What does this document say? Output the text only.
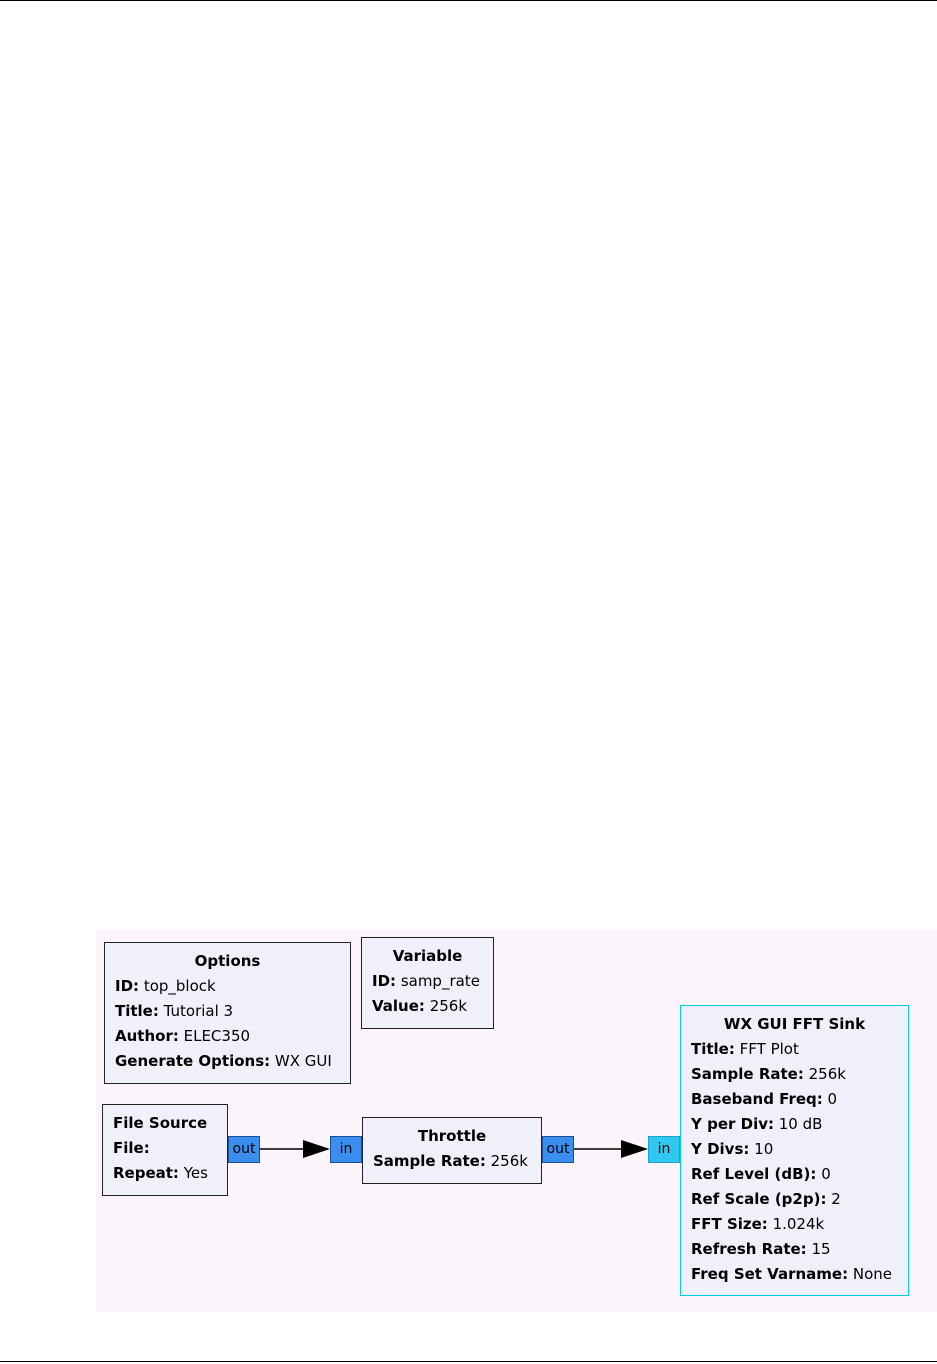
Options
ID: top_block
Title: Tutorial 3
Author: ELEC350
Generate Options: WX GUI
Variable
ID: samp_rate
Value: 256k
File Source
File:
Repeat: Yes
out	in
Throttle
Sample Rate: 256k
out	in
WX GUI FFT Sink
Title: FFT Plot
Sample Rate: 256k
Baseband Freq: 0
Y per Div: 10 dB
Y Divs: 10
Ref Level (dB): 0
Ref Scale (p2p): 2
FFT Size: 1.024k
Refresh Rate: 15
Freq Set Varname: None
